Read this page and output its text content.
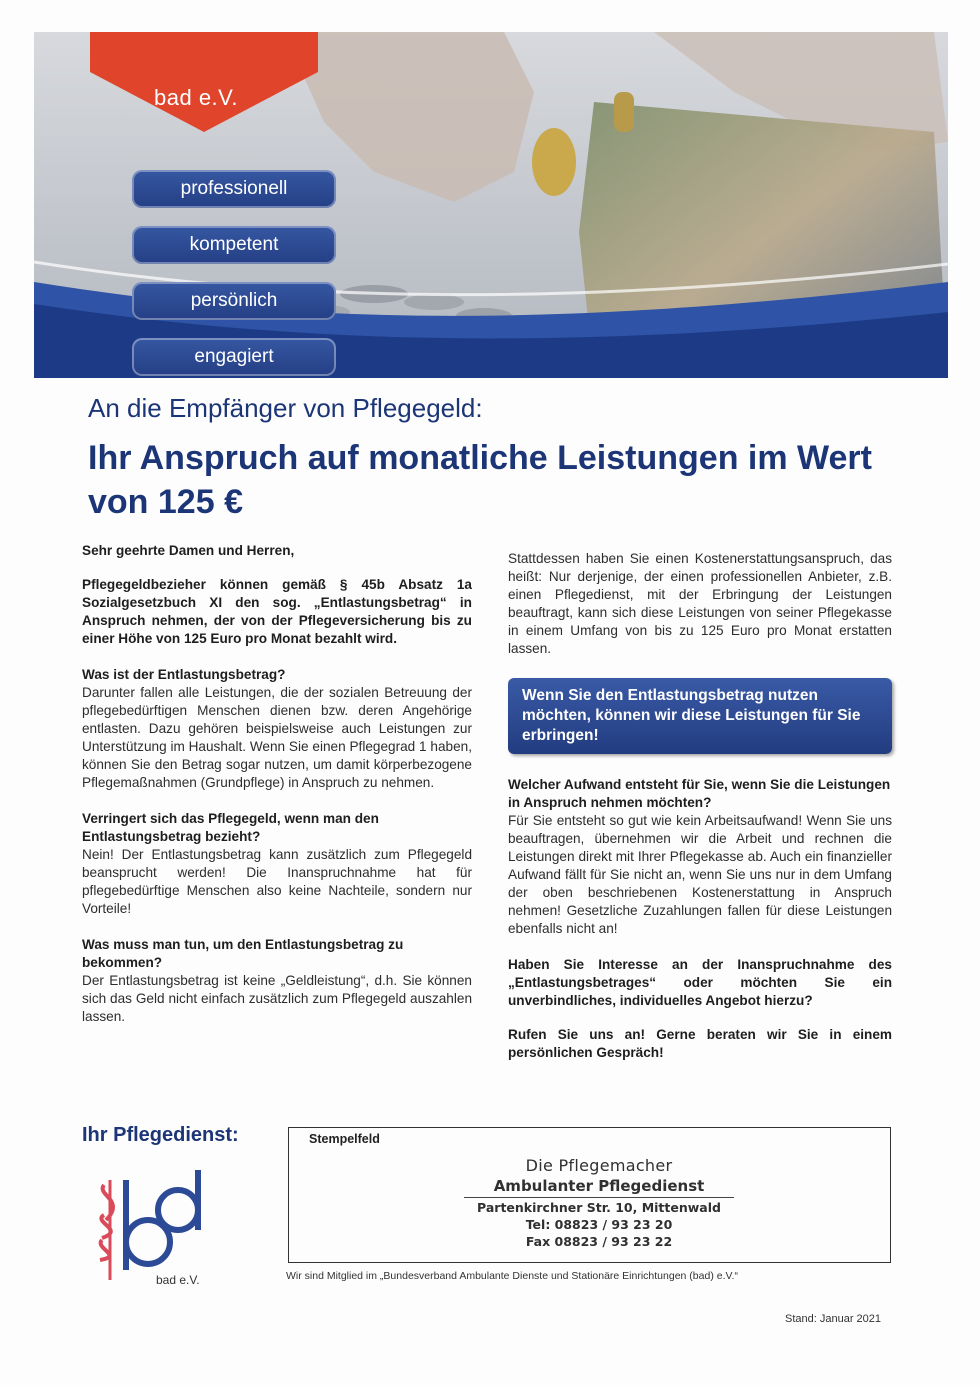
bad e.V.
professionell
kompetent
persönlich
engagiert
An die Empfänger von Pflegegeld:
Ihr Anspruch auf monatliche Leistungen im Wert von 125 €

Sehr geehrte Damen und Herren,

Pflegegeldbezieher können gemäß § 45b Absatz 1a Sozialgesetzbuch XI den sog. „Entlastungsbetrag“ in Anspruch nehmen, der von der Pflegeversicherung bis zu einer Höhe von 125 Euro pro Monat bezahlt wird.

Was ist der Entlastungsbetrag?

Darunter fallen alle Leistungen, die der sozialen Betreuung der pflegebedürftigen Menschen dienen bzw. deren Angehörige entlasten. Dazu gehören beispielsweise auch Leistungen zur Unterstützung im Haushalt. Wenn Sie einen Pflegegrad 1 haben, können Sie den Betrag sogar nutzen, um damit körperbezogene Pflegemaßnahmen (Grundpflege) in Anspruch zu nehmen.

Verringert sich das Pflegegeld, wenn man den Entlastungsbetrag bezieht?

Nein! Der Entlastungsbetrag kann zusätzlich zum Pflegegeld beansprucht werden! Die Inanspruchnahme hat für pflegebedürftige Menschen also keine Nachteile, sondern nur Vorteile!

Was muss man tun, um den Entlastungsbetrag zu bekommen?

Der Entlastungsbetrag ist keine „Geldleistung“, d.h. Sie können sich das Geld nicht einfach zusätzlich zum Pflegegeld auszahlen lassen.

Stattdessen haben Sie einen Kostenerstattungsanspruch, das heißt: Nur derjenige, der einen professionellen Anbieter, z.B. einen Pflegedienst, mit der Erbringung der Leistungen beauftragt, kann sich diese Leistungen von seiner Pflegekasse in einem Umfang von bis zu 125 Euro pro Monat erstatten lassen.

Wenn Sie den Entlastungsbetrag nutzen möchten, können wir diese Leistungen für Sie erbringen!
Welcher Aufwand entsteht für Sie, wenn Sie die Leistungen in Anspruch nehmen möchten?

Für Sie entsteht so gut wie kein Arbeitsaufwand! Wenn Sie uns beauftragen, übernehmen wir die Arbeit und rechnen die Leistungen direkt mit Ihrer Pflegekasse ab. Auch ein finanzieller Aufwand fällt für Sie nicht an, wenn Sie uns nur in dem Umfang der oben beschriebenen Kostenerstattung in Anspruch nehmen! Gesetzliche Zuzahlungen fallen für diese Leistungen ebenfalls nicht an!

Haben Sie Interesse an der Inanspruchnahme des „Entlastungsbetrages“ oder möchten Sie ein unverbindliches, individuelles Angebot hierzu?

Rufen Sie uns an! Gerne beraten wir Sie in einem persönlichen Gespräch!

Ihr Pflegedienst:
bad e.V.
Stempelfeld
Die Pflegemacher
Ambulanter Pflegedienst
Partenkirchner Str. 10, Mittenwald
Tel: 08823 / 93 23 20
Fax 08823 / 93 23 22
Wir sind Mitglied im „Bundesverband Ambulante Dienste und Stationäre Einrichtungen (bad) e.V.“
Stand: Januar 2021
